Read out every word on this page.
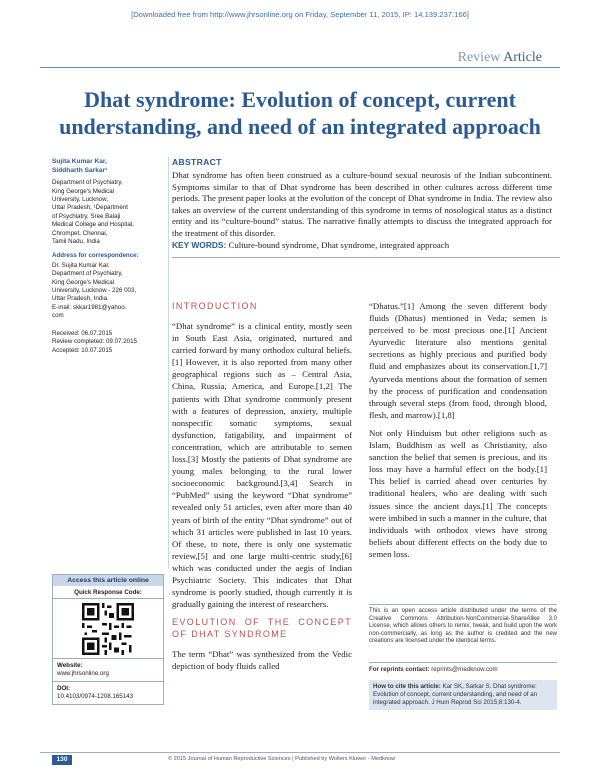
[Downloaded free from http://www.jhrsonline.org on Friday, September 11, 2015, IP: 14.139.237.166]
Review Article
Dhat syndrome: Evolution of concept, current understanding, and need of an integrated approach
Sujita Kumar Kar,
Siddharth Sarkar¹
Department of Psychiatry,
King George's Medical
University, Lucknow,
Uttar Pradesh, ¹Department
of Psychiatry, Sree Balaji
Medical College and Hospital,
Chrompet, Chennai,
Tamil Nadu, India
Address for correspondence:
Dr. Sujita Kumar Kar,
Department of Psychiatry,
King George's Medical
University, Lucknow - 226 003,
Uttar Pradesh, India.
E-mail: skkar1981@yahoo.
com
Received: 06.07.2015
Review completed: 09.07.2015
Accepted: 10.07.2015
Access this article online
Quick Response Code:
Website:
www.jhrsonline.org
DOI:
10.4103/0974-1208.165143
ABSTRACT

Dhat syndrome has often been construed as a culture-bound sexual neurosis of the Indian subcontinent. Symptoms similar to that of Dhat syndrome has been described in other cultures across different time periods. The present paper looks at the evolution of the concept of Dhat syndrome in India. The review also takes an overview of the current understanding of this syndrome in terms of nosological status as a distinct entity and its “culture-bound” status. The narrative finally attempts to discuss the integrated approach for the treatment of this disorder.

KEY WORDS: Culture-bound syndrome, Dhat syndrome, integrated approach
INTRODUCTION

“Dhat syndrome” is a clinical entity, mostly seen in South East Asia, originated, nurtured and carried forward by many orthodox cultural beliefs.[1] However, it is also reported from many other geographical regions such as – Central Asia, China, Russia, America, and Europe.[1,2] The patients with Dhat syndrome commonly present with a features of depression, anxiety, multiple nonspecific somatic symptoms, sexual dysfunction, fatigability, and impairment of concentration, which are attributable to semen loss.[3] Mostly the patients of Dhat syndrome are young males belonging to the rural lower socioeconomic background.[3,4] Search in “PubMed” using the keyword “Dhat syndrome” revealed only 51 articles, even after more than 40 years of birth of the entity “Dhat syndrome” out of which 31 articles were published in last 10 years. Of these, to note, there is only one systematic review,[5] and one large multi-centric study,[6] which was conducted under the aegis of Indian Psychiatric Society. This indicates that Dhat syndrome is poorly studied, though currently it is gradually gaining the interest of researchers.

EVOLUTION OF THE CONCEPT OF DHAT SYNDROME

The term “Dhat” was synthesized from the Vedic depiction of body fluids called

“Dhatus.”[1] Among the seven different body fluids (Dhatus) mentioned in Veda; semen is perceived to be most precious one.[1] Ancient Ayurvedic literature also mentions genital secretions as highly precious and purified body fluid and emphasizes about its conservation.[1,7] Ayurveda mentions about the formation of semen by the process of purification and condensation through several steps (from food, through blood, flesh, and marrow).[1,8]

Not only Hinduism but other religions such as Islam, Buddhism as well as Christianity, also sanction the belief that semen is precious, and its loss may have a harmful effect on the body.[1] This belief is carried ahead over centuries by traditional healers, who are dealing with such issues since the ancient days.[1] The concepts were imbibed in such a manner in the culture, that individuals with orthodox views have strong beliefs about different effects on the body due to semen loss.

This is an open access article distributed under the terms of the Creative Commons Attribution-NonCommercial-ShareAlike 3.0 License, which allows others to remix, tweak, and build upon the work non-commercially, as long as the author is credited and the new creations are licensed under the identical terms.
For reprints contact: reprints@medknow.com
How to cite this article: Kar SK, Sarkar S. Dhat syndrome: Evolution of concept, current understanding, and need of an integrated approach. J Hum Reprod Sci 2015;8:130-4.
130	© 2015 Journal of Human Reproductive Sciences | Published by Wolters Kluwer - Medknow
